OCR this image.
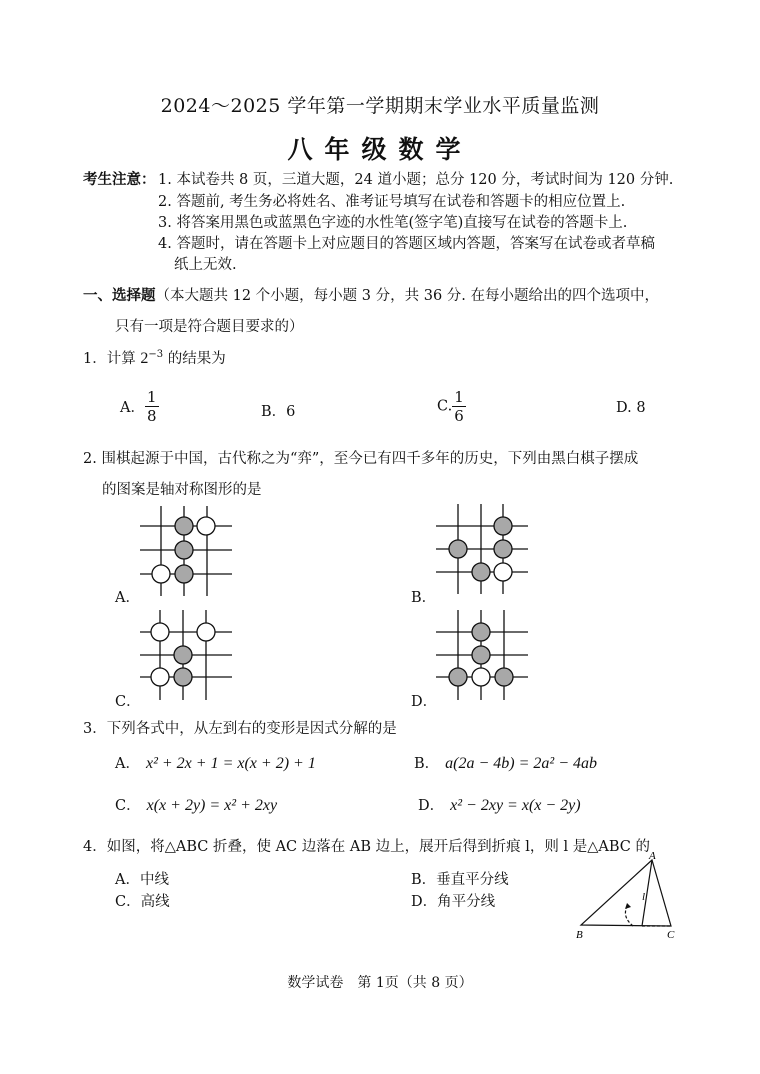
2024～2025 学年第一学期期末学业水平质量监测
八年级数学
考生注意： 1. 本试卷共 8 页，三道大题，24 道小题；总分 120 分，考试时间为 120 分钟.
2. 答题前, 考生务必将姓名、准考证号填写在试卷和答题卡的相应位置上.
3. 将答案用黑色或蓝黑色字迹的水性笔(签字笔)直接写在试卷的答题卡上.
4. 答题时，请在答题卡上对应题目的答题区域内答题，答案写在试卷或者草稿
纸上无效.
一、选择题（本大题共 12 个小题，每小题 3 分，共 36 分. 在每小题给出的四个选项中，
只有一项是符合题目要求的）
1．计算 $2^{-3}$ 的结果为
A． $\frac{1}{8}$	B．6	C. $\frac{1}{6}$	D. 8
2. 围棋起源于中国，古代称之为“弈”，至今已有四千多年的历史，下列由黑白棋子摆成
的图案是轴对称图形的是
A．	B．
C．	D．
3．下列各式中，从左到右的变形是因式分解的是
A． x² + 2x + 1 = x(x + 2) + 1	B． a(2a − 4b) = 2a² − 4ab
C． x(x + 2y) = x² + 2xy	D． x² − 2xy = x(x − 2y)
4．如图，将△ABC 折叠，使 AC 边落在 AB 边上，展开后得到折痕 l，则 l 是△ABC 的
A．中线	B．垂直平分线
C．高线	D．角平分线
A
B	C
l
数学试卷　第 1页（共 8 页）
